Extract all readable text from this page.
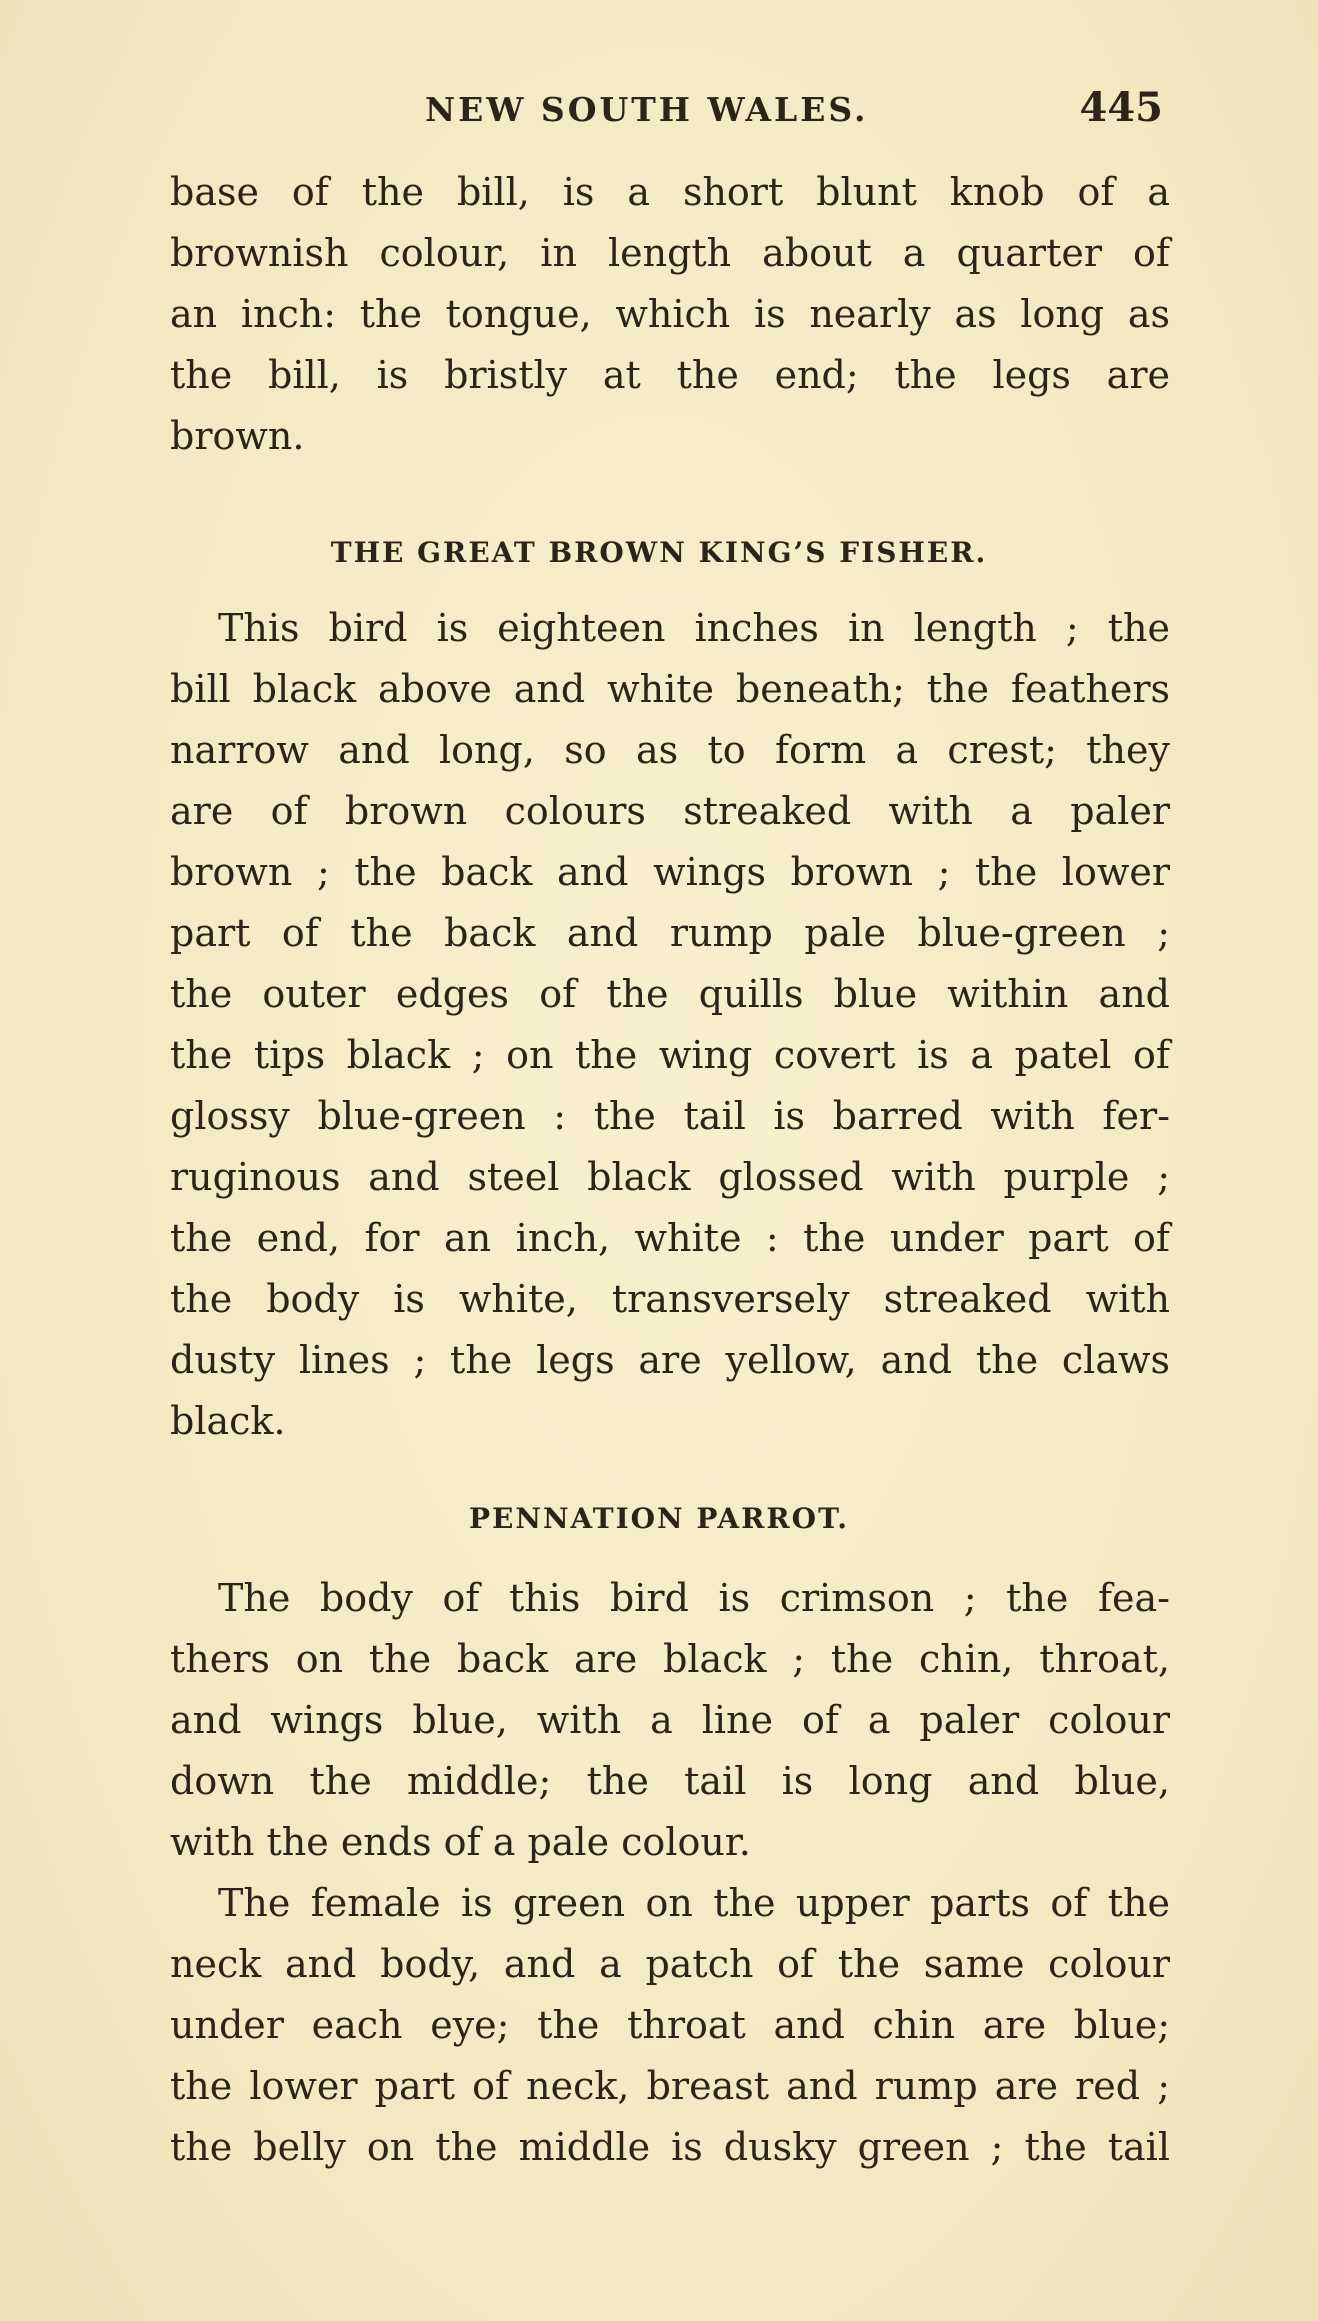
NEW SOUTH WALES.	445
base of the bill, is a short blunt knob of a
brownish colour, in length about a quarter of
an inch: the tongue, which is nearly as long as
the bill, is bristly at the end; the legs are
brown.
THE GREAT BROWN KING’S FISHER.
This bird is eighteen inches in length ; the
bill black above and white beneath; the feathers
narrow and long, so as to form a crest; they
are of brown colours streaked with a paler
brown ; the back and wings brown ; the lower
part of the back and rump pale blue-green ;
the outer edges of the quills blue within and
the tips black ; on the wing covert is a patel of
glossy blue-green : the tail is barred with fer-
ruginous and steel black glossed with purple ;
the end, for an inch, white : the under part of
the body is white, transversely streaked with
dusty lines ; the legs are yellow, and the claws
black.
PENNATION PARROT.
The body of this bird is crimson ; the fea-
thers on the back are black ; the chin, throat,
and wings blue, with a line of a paler colour
down the middle; the tail is long and blue,
with the ends of a pale colour.
The female is green on the upper parts of the
neck and body, and a patch of the same colour
under each eye; the throat and chin are blue;
the lower part of neck, breast and rump are red ;
the belly on the middle is dusky green ; the tail
